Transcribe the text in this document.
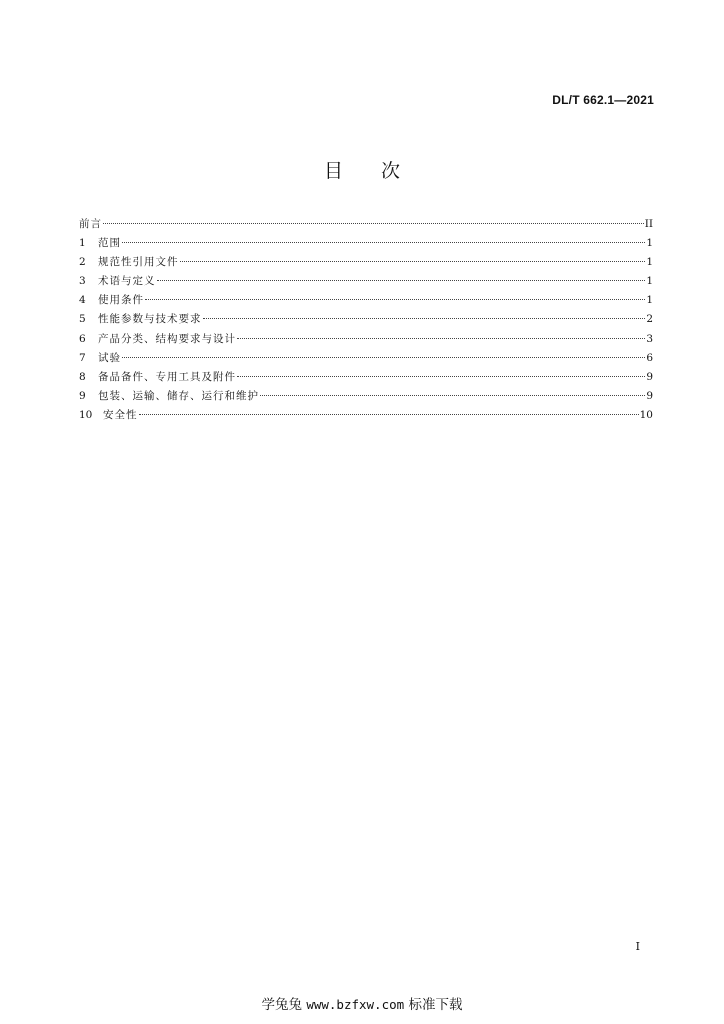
DL/T 662.1—2021
目 次
前言	II
1	范围	1
2	规范性引用文件	1
3	术语与定义	1
4	使用条件	1
5	性能参数与技术要求	2
6	产品分类、结构要求与设计	3
7	试验	6
8	备品备件、专用工具及附件	9
9	包装、运输、储存、运行和维护	9
10	安全性	10
I
学兔兔 www.bzfxw.com 标准下载
